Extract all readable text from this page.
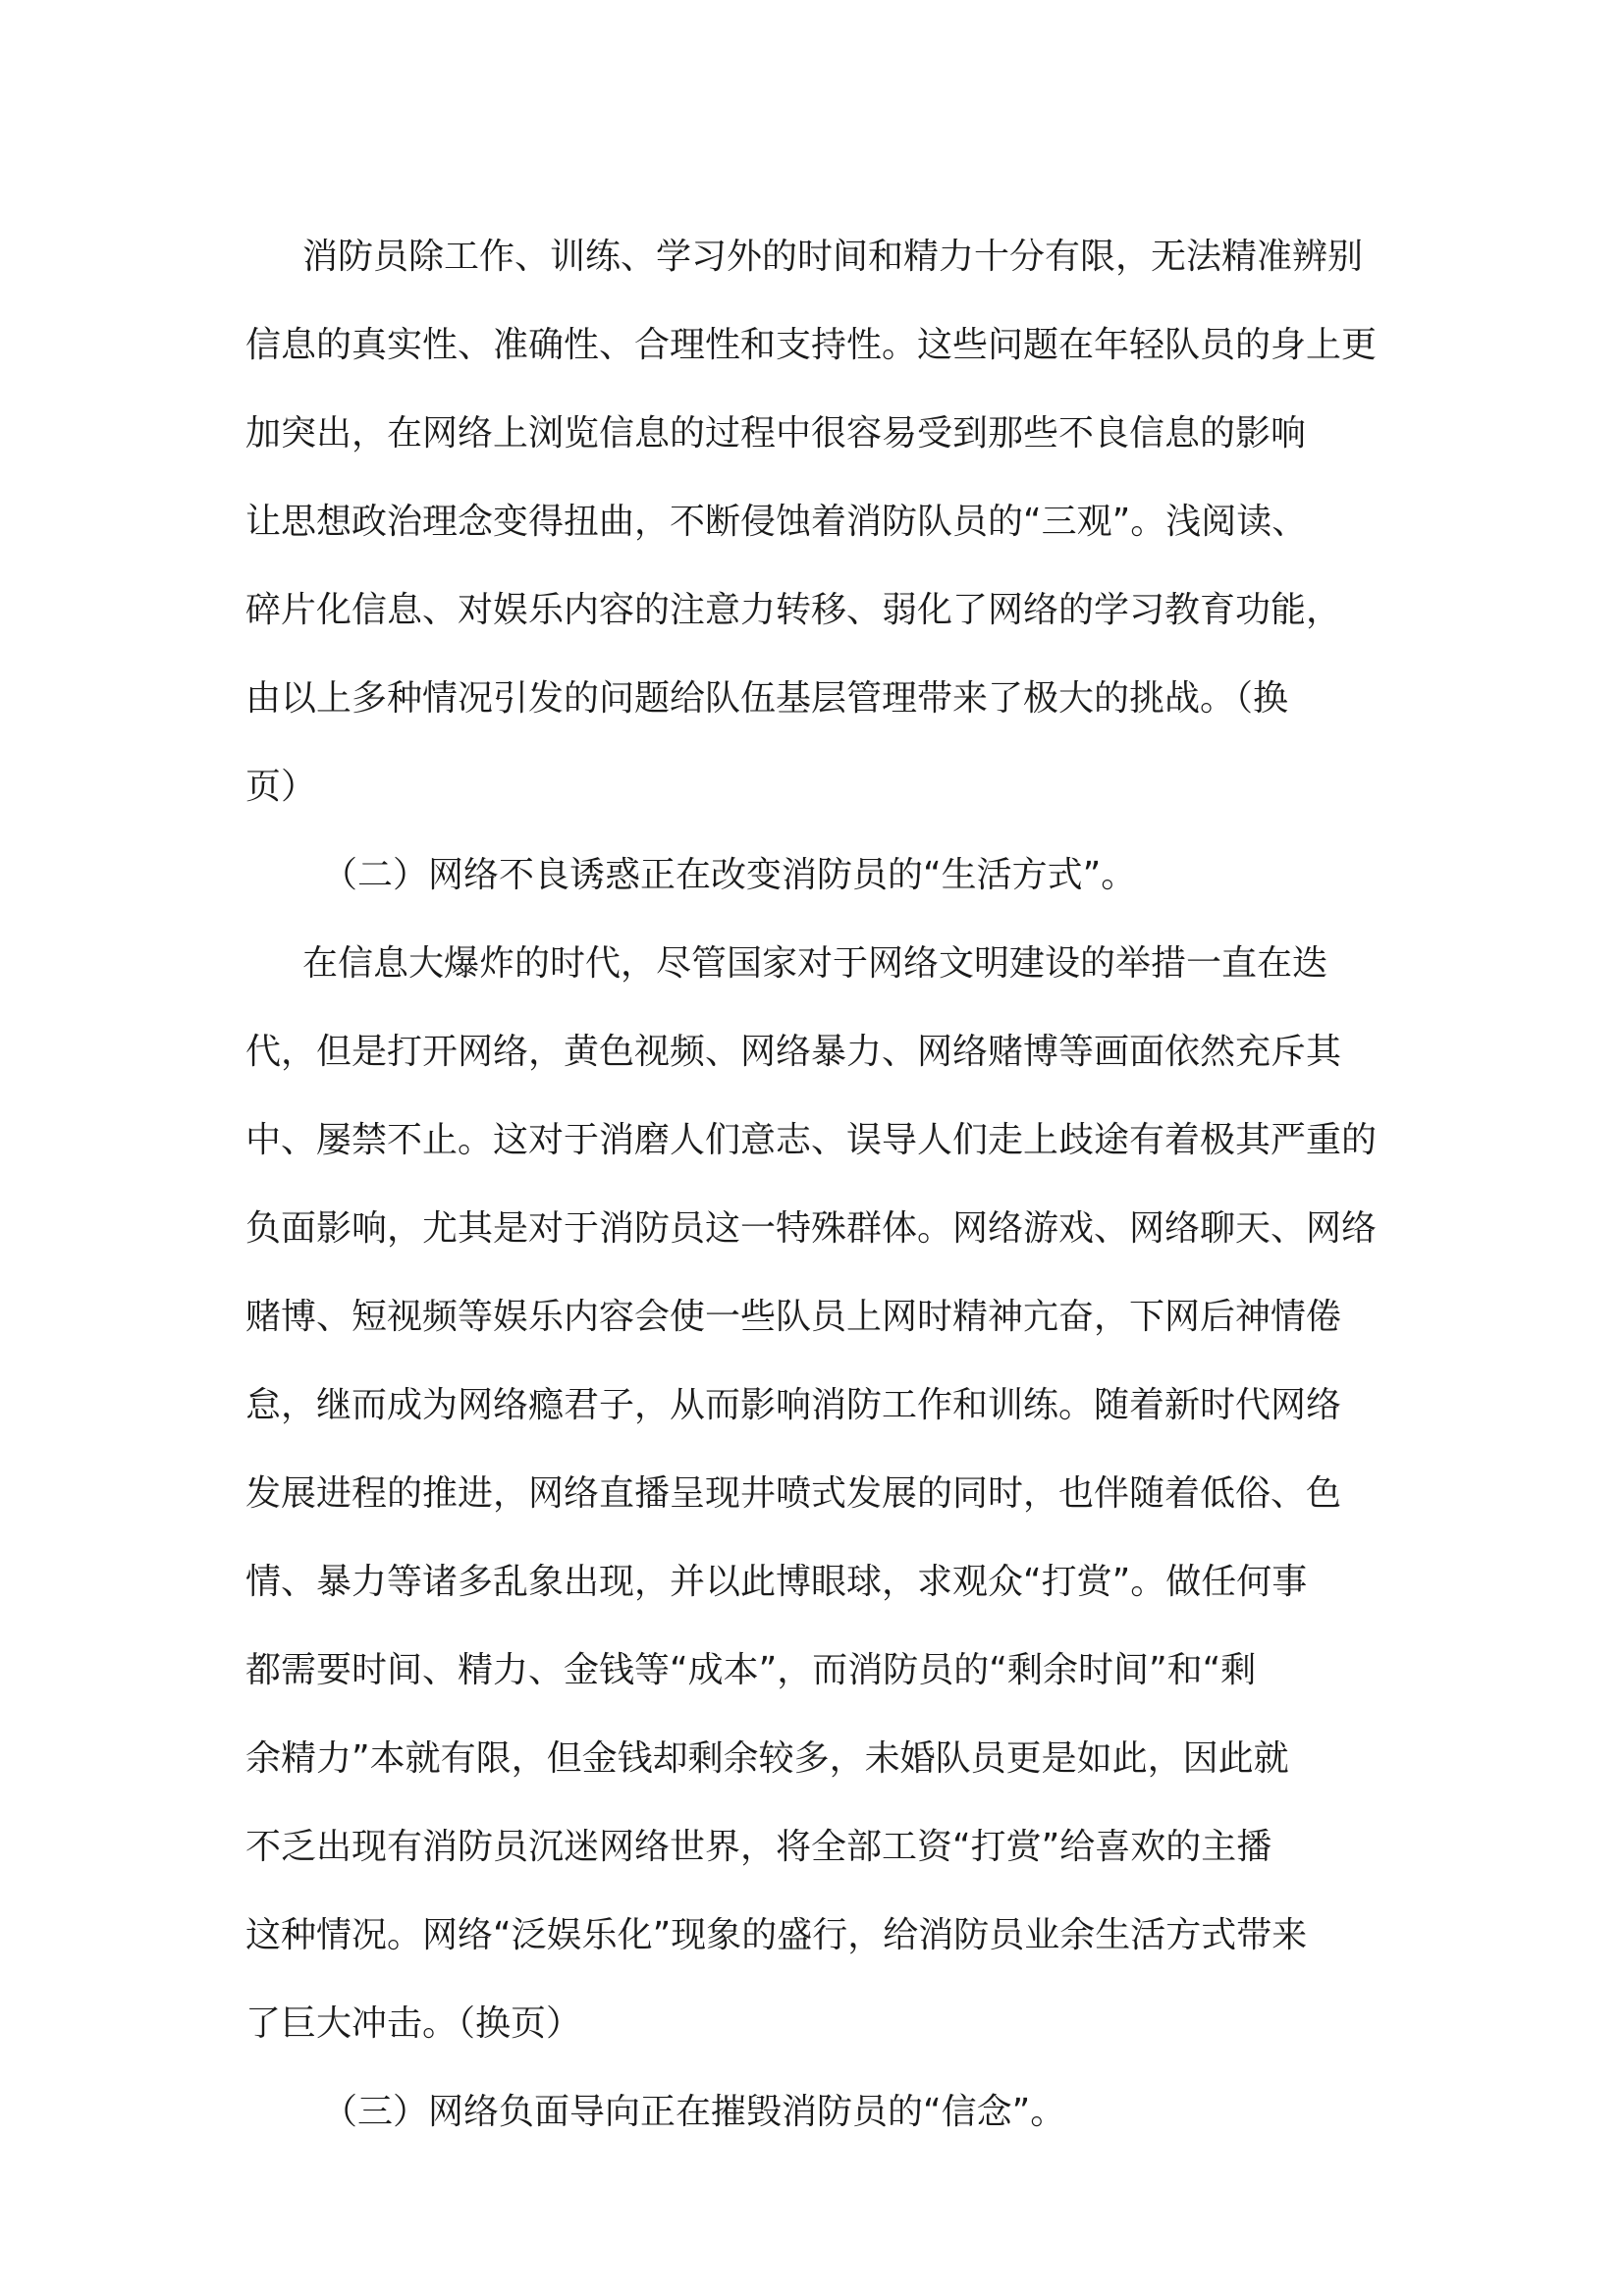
消防员除工作、训练、学习外的时间和精力十分有限，无法精准辨别
信息的真实性、准确性、合理性和支持性。这些问题在年轻队员的身上更
加突出，在网络上浏览信息的过程中很容易受到那些不良信息的影响
让思想政治理念变得扭曲，不断侵蚀着消防队员的“三观”。浅阅读、
碎片化信息、对娱乐内容的注意力转移、弱化了网络的学习教育功能，
由以上多种情况引发的问题给队伍基层管理带来了极大的挑战。（换
页）
（二）网络不良诱惑正在改变消防员的“生活方式”。
在信息大爆炸的时代，尽管国家对于网络文明建设的举措一直在迭
代，但是打开网络，黄色视频、网络暴力、网络赌博等画面依然充斥其
中、屡禁不止。这对于消磨人们意志、误导人们走上歧途有着极其严重的
负面影响，尤其是对于消防员这一特殊群体。网络游戏、网络聊天、网络
赌博、短视频等娱乐内容会使一些队员上网时精神亢奋，下网后神情倦
怠，继而成为网络瘾君子，从而影响消防工作和训练。随着新时代网络
发展进程的推进，网络直播呈现井喷式发展的同时，也伴随着低俗、色
情、暴力等诸多乱象出现，并以此博眼球，求观众“打赏”。做任何事
都需要时间、精力、金钱等“成本”，而消防员的“剩余时间”和“剩
余精力”本就有限，但金钱却剩余较多，未婚队员更是如此，因此就
不乏出现有消防员沉迷网络世界，将全部工资“打赏”给喜欢的主播
这种情况。网络“泛娱乐化”现象的盛行，给消防员业余生活方式带来
了巨大冲击。（换页）
（三）网络负面导向正在摧毁消防员的“信念”。
